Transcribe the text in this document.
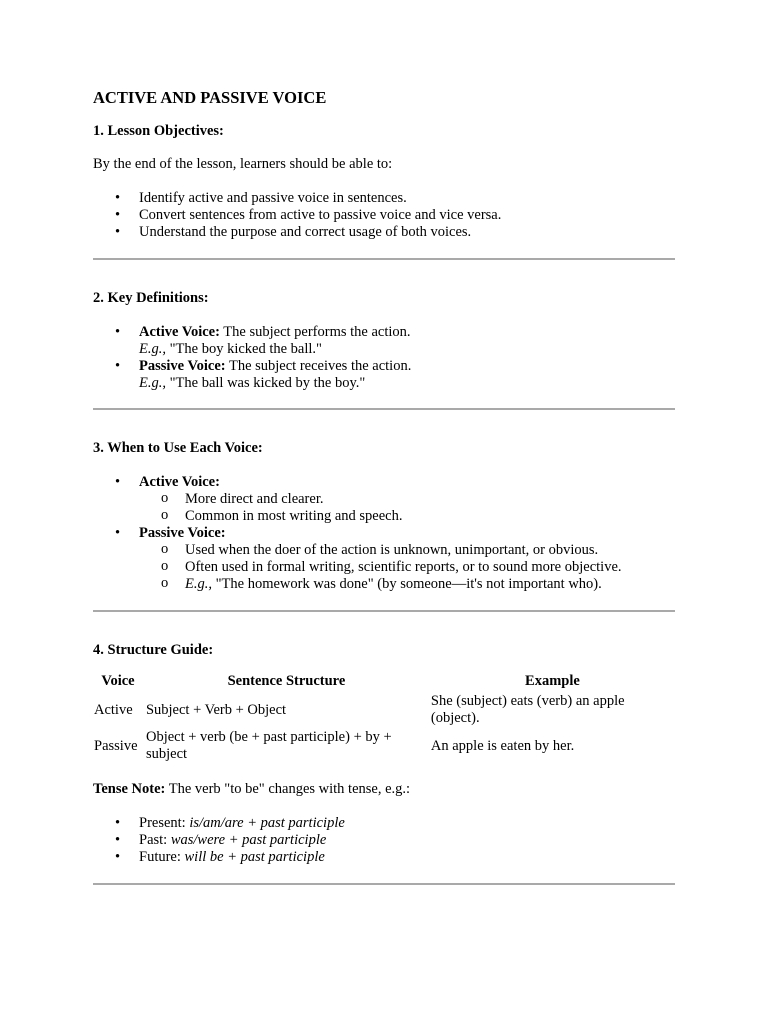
ACTIVE AND PASSIVE VOICE
1. Lesson Objectives:

By the end of the lesson, learners should be able to:

• Identify active and passive voice in sentences.
• Convert sentences from active to passive voice and vice versa.
• Understand the purpose and correct usage of both voices.
2. Key Definitions:
• Active Voice: The subject performs the action.
E.g., "The boy kicked the ball."
• Passive Voice: The subject receives the action.
E.g., "The ball was kicked by the boy."
3. When to Use Each Voice:
• Active Voice:
o More direct and clearer.
o Common in most writing and speech.
• Passive Voice:
o Used when the doer of the action is unknown, unimportant, or obvious.
o Often used in formal writing, scientific reports, or to sound more objective.
o E.g., "The homework was done" (by someone—it's not important who).
4. Structure Guide:
Voice	Sentence Structure	Example
Active	Subject + Verb + Object	She (subject) eats (verb) an apple (object).
Passive	Object + verb (be + past participle) + by + subject	An apple is eaten by her.

Tense Note: The verb "to be" changes with tense, e.g.:

• Present: is/am/are + past participle
• Past: was/were + past participle
• Future: will be + past participle
